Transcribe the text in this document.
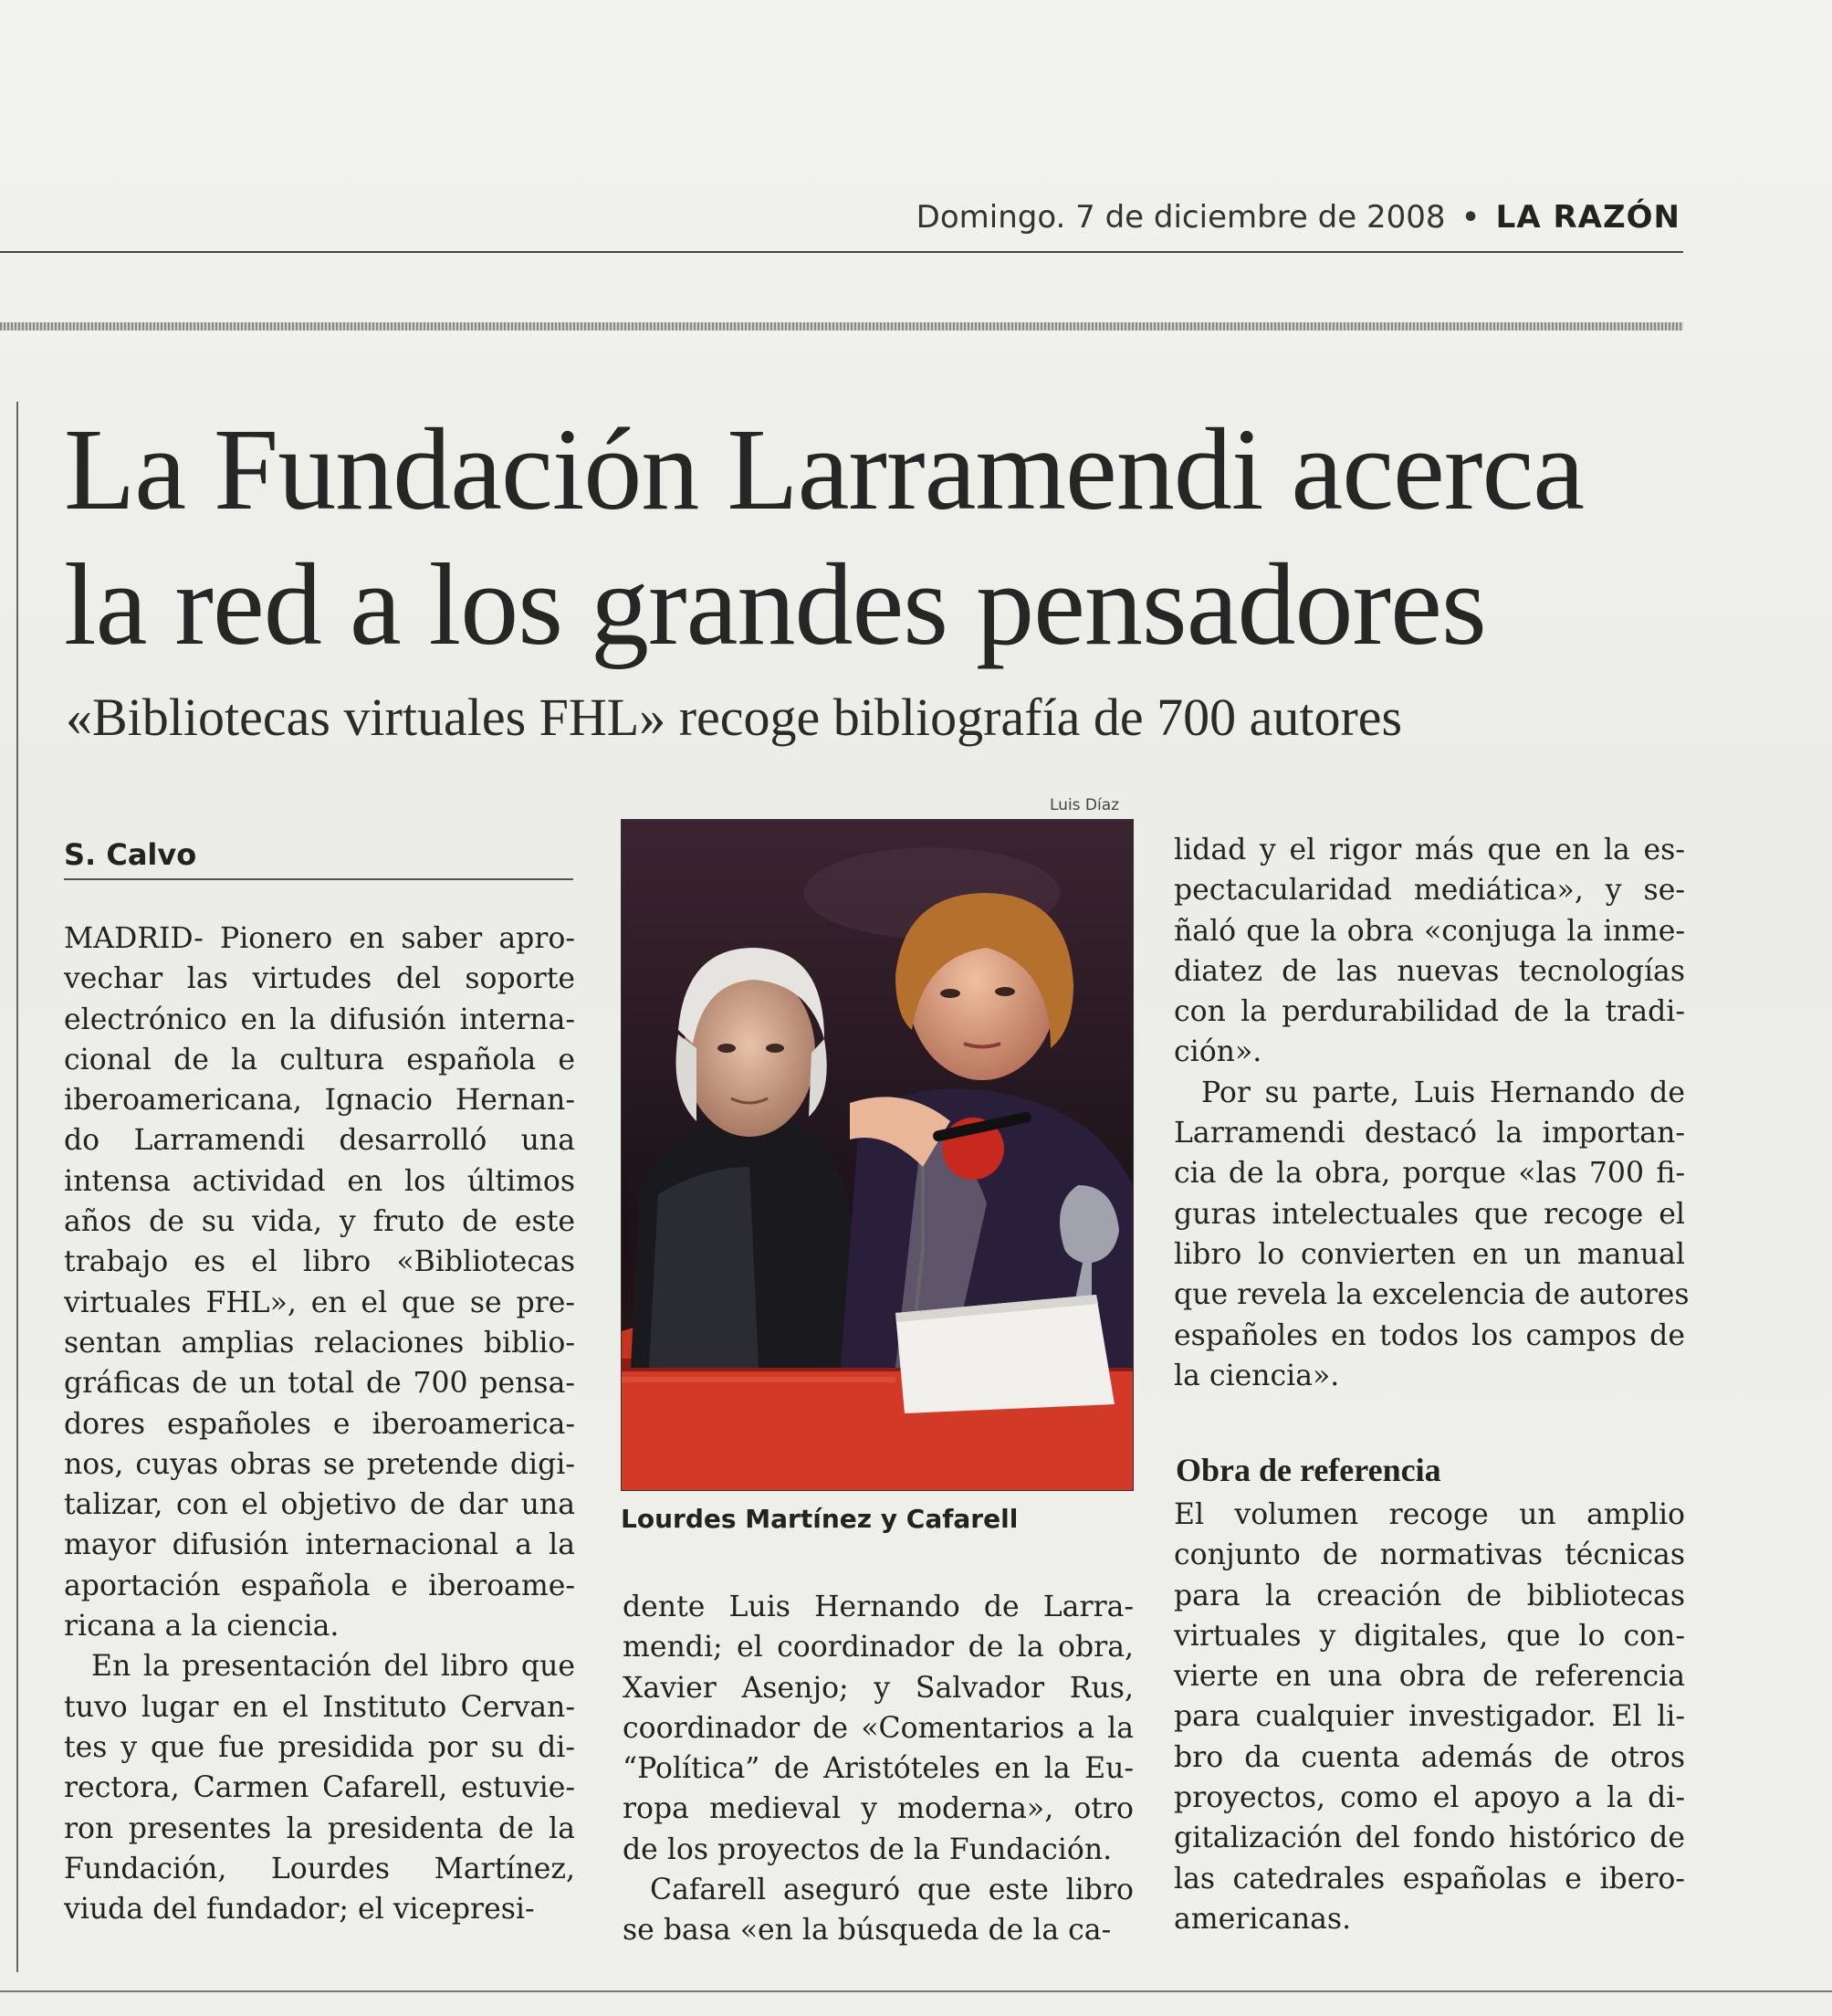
Domingo. 7 de diciembre de 2008 • LA RAZÓN
La Fundación Larramendi acerca
la red a los grandes pensadores
«Bibliotecas virtuales FHL» recoge bibliografía de 700 autores
S. Calvo
MADRID- Pionero en saber apro-
vechar las virtudes del soporte
electrónico en la difusión interna-
cional de la cultura española e
iberoamericana, Ignacio Hernan-
do Larramendi desarrolló una
intensa actividad en los últimos
años de su vida, y fruto de este
trabajo es el libro «Bibliotecas
virtuales FHL», en el que se pre-
sentan amplias relaciones biblio-
gráficas de un total de 700 pensa-
dores españoles e iberoamerica-
nos, cuyas obras se pretende digi-
talizar, con el objetivo de dar una
mayor difusión internacional a la
aportación española e iberoame-
ricana a la ciencia.
En la presentación del libro que
tuvo lugar en el Instituto Cervan-
tes y que fue presidida por su di-
rectora, Carmen Cafarell, estuvie-
ron presentes la presidenta de la
Fundación, Lourdes Martínez,
viuda del fundador; el vicepresi-
Luis Díaz
Lourdes Martínez y Cafarell
dente Luis Hernando de Larra-
mendi; el coordinador de la obra,
Xavier Asenjo; y Salvador Rus,
coordinador de «Comentarios a la
“Política” de Aristóteles en la Eu-
ropa medieval y moderna», otro
de los proyectos de la Fundación.
Cafarell aseguró que este libro
se basa «en la búsqueda de la ca-
lidad y el rigor más que en la es-
pectacularidad mediática», y se-
ñaló que la obra «conjuga la inme-
diatez de las nuevas tecnologías
con la perdurabilidad de la tradi-
ción».
Por su parte, Luis Hernando de
Larramendi destacó la importan-
cia de la obra, porque «las 700 fi-
guras intelectuales que recoge el
libro lo convierten en un manual
que revela la excelencia de autores
españoles en todos los campos de
la ciencia».
Obra de referencia
El volumen recoge un amplio
conjunto de normativas técnicas
para la creación de bibliotecas
virtuales y digitales, que lo con-
vierte en una obra de referencia
para cualquier investigador. El li-
bro da cuenta además de otros
proyectos, como el apoyo a la di-
gitalización del fondo histórico de
las catedrales españolas e ibero-
americanas.
